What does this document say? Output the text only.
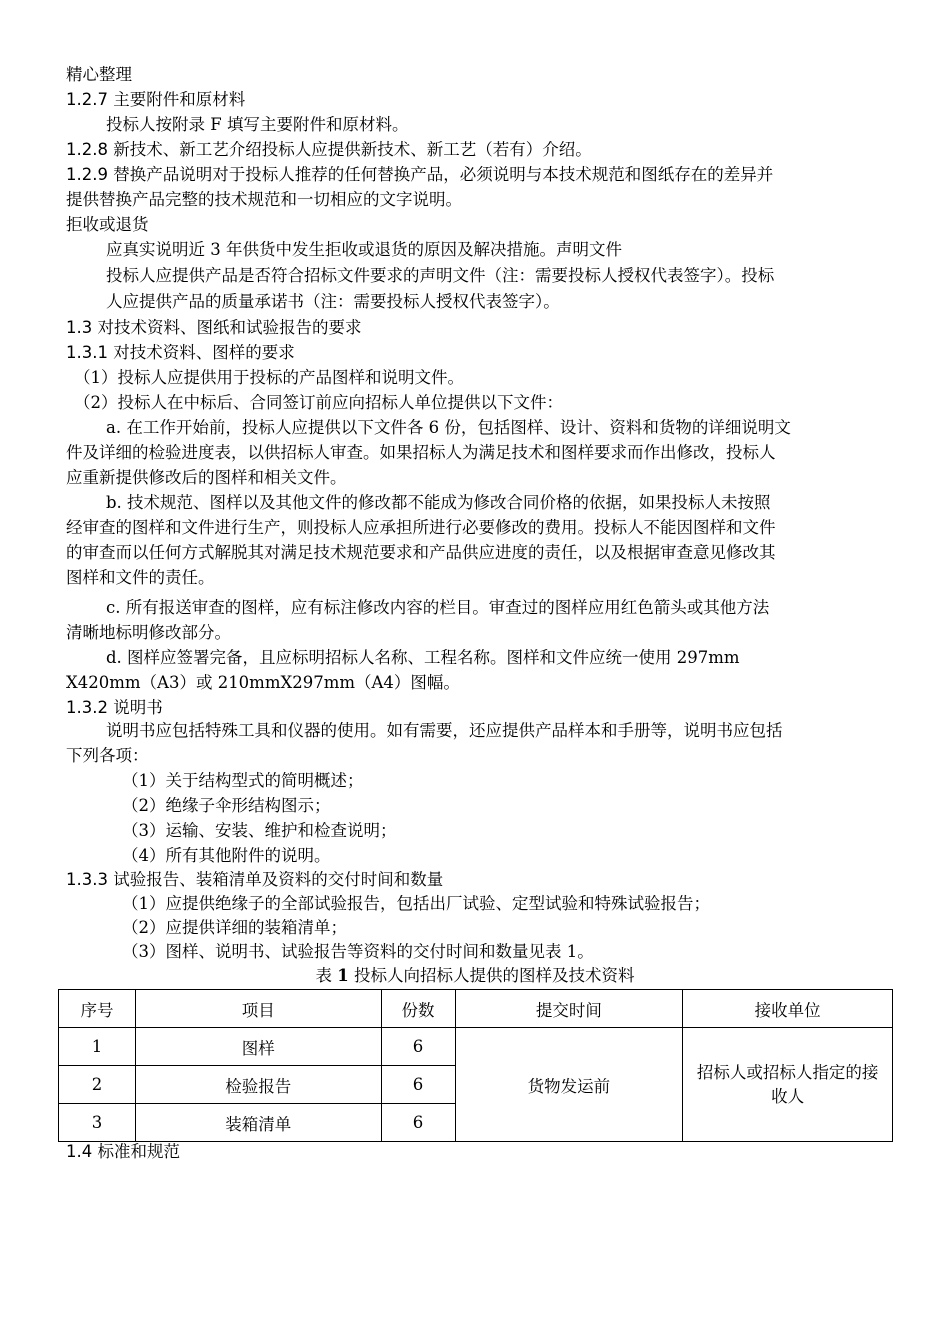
精心整理
1.2.7 主要附件和原材料
投标人按附录 F 填写主要附件和原材料。
1.2.8 新技术、新工艺介绍投标人应提供新技术、新工艺（若有）介绍。
1.2.9 替换产品说明对于投标人推荐的任何替换产品，必须说明与本技术规范和图纸存在的差异并
提供替换产品完整的技术规范和一切相应的文字说明。
拒收或退货
应真实说明近 3 年供货中发生拒收或退货的原因及解决措施。声明文件
投标人应提供产品是否符合招标文件要求的声明文件（注：需要投标人授权代表签字）。投标
人应提供产品的质量承诺书（注：需要投标人授权代表签字）。
1.3 对技术资料、图纸和试验报告的要求
1.3.1 对技术资料、图样的要求
（1）投标人应提供用于投标的产品图样和说明文件。
（2）投标人在中标后、合同签订前应向招标人单位提供以下文件：
a. 在工作开始前，投标人应提供以下文件各 6 份，包括图样、设计、资料和货物的详细说明文
件及详细的检验进度表，以供招标人审查。如果招标人为满足技术和图样要求而作出修改，投标人
应重新提供修改后的图样和相关文件。
b. 技术规范、图样以及其他文件的修改都不能成为修改合同价格的依据，如果投标人未按照
经审查的图样和文件进行生产，则投标人应承担所进行必要修改的费用。投标人不能因图样和文件
的审查而以任何方式解脱其对满足技术规范要求和产品供应进度的责任，以及根据审查意见修改其
图样和文件的责任。
c. 所有报送审查的图样，应有标注修改内容的栏目。审查过的图样应用红色箭头或其他方法
清晰地标明修改部分。
d. 图样应签署完备，且应标明招标人名称、工程名称。图样和文件应统一使用 297mm
X420mm（A3）或 210mmX297mm（A4）图幅。
1.3.2 说明书
说明书应包括特殊工具和仪器的使用。如有需要，还应提供产品样本和手册等，说明书应包括
下列各项：
（1）关于结构型式的简明概述；
（2）绝缘子伞形结构图示；
（3）运输、安装、维护和检查说明；
（4）所有其他附件的说明。
1.3.3 试验报告、装箱清单及资料的交付时间和数量
（1）应提供绝缘子的全部试验报告，包括出厂试验、定型试验和特殊试验报告；
（2）应提供详细的装箱清单；
（3）图样、说明书、试验报告等资料的交付时间和数量见表 1。
表 1 投标人向招标人提供的图样及技术资料
序号	项目	份数	提交时间	接收单位
1	图样	6	货物发运前	招标人或招标人指定的接收人
2	检验报告	6		
3	装箱清单	6		
1.4 标准和规范
